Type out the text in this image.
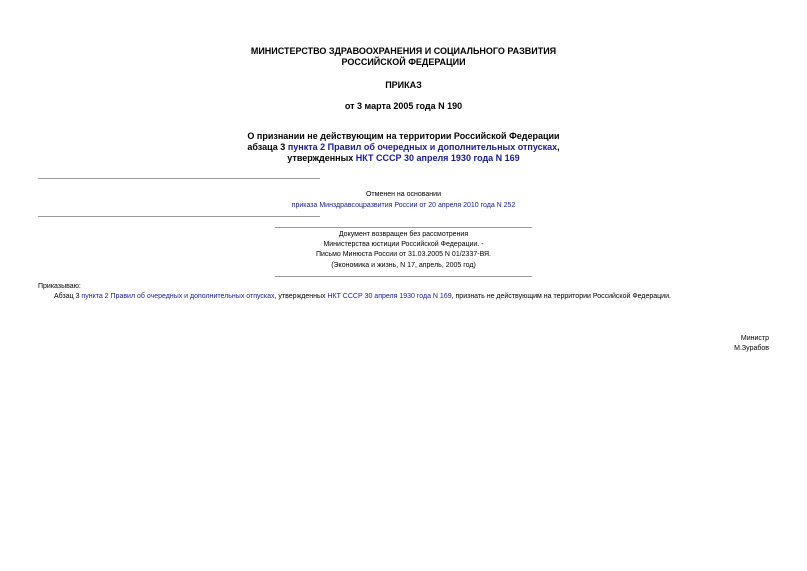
МИНИСТЕРСТВО ЗДРАВООХРАНЕНИЯ И СОЦИАЛЬНОГО РАЗВИТИЯ
РОССИЙСКОЙ ФЕДЕРАЦИИ
ПРИКАЗ
от 3 марта 2005 года N 190
О признании не действующим на территории Российской Федерации
абзаца 3 пункта 2 Правил об очередных и дополнительных отпусках,
утвержденных НКТ СССР 30 апреля 1930 года N 169
Отменен на основании
приказа Минздравсоцразвития России от 20 апреля 2010 года N 252
Документ возвращен без рассмотрения
Министерства юстиции Российской Федерации. -
Письмо Минюста России от 31.03.2005 N 01/2337-ВЯ.
(Экономика и жизнь, N 17, апрель, 2005 год)
Приказываю:
Абзац 3 пункта 2 Правил об очередных и дополнительных отпусках, утвержденных НКТ СССР 30 апреля 1930 года N 169, признать не действующим на территории Российской Федерации.
Министр
М.Зурабов
